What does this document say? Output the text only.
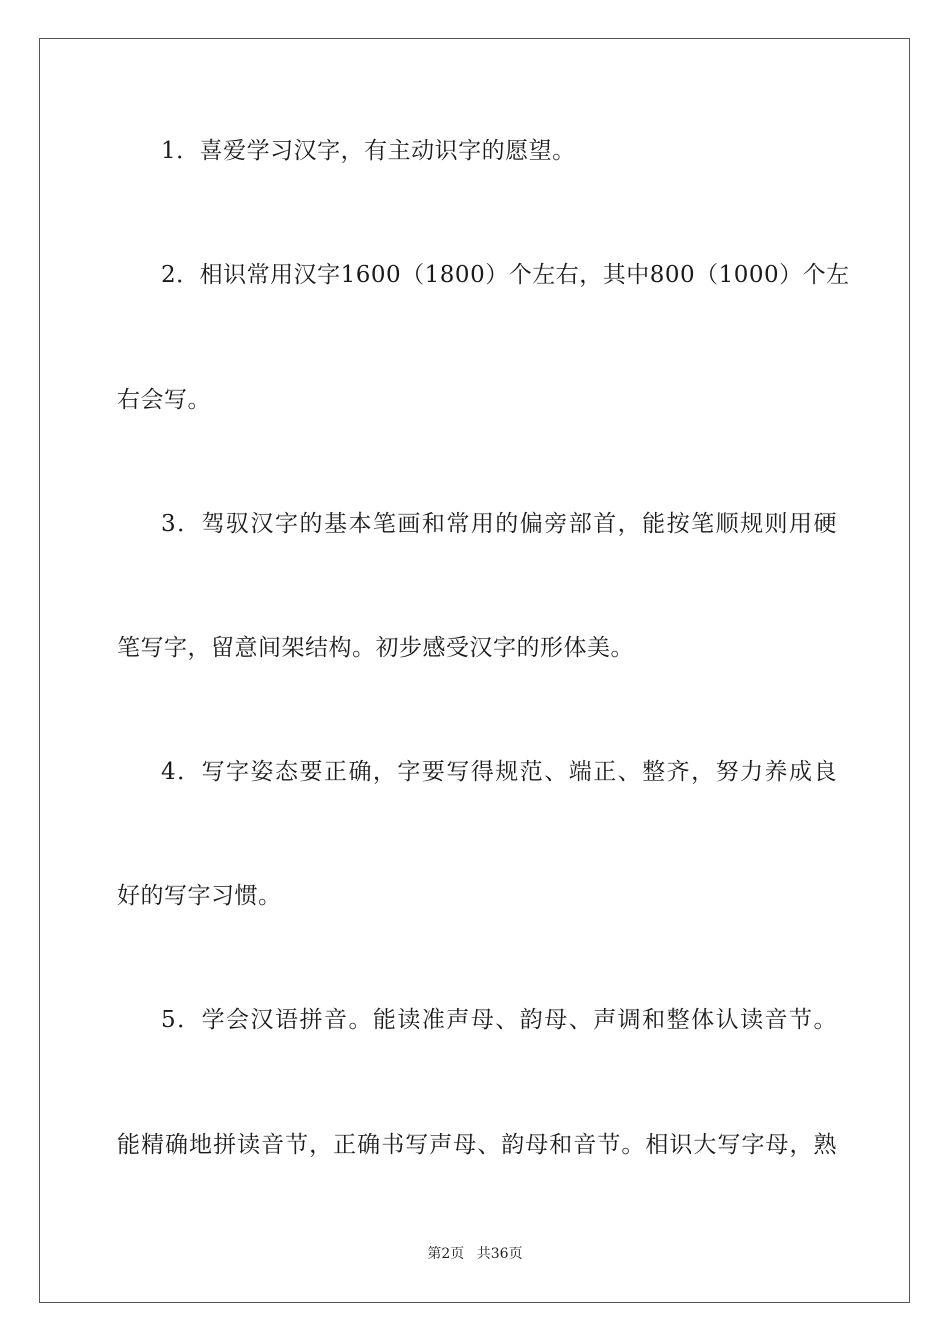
1．喜爱学习汉字，有主动识字的愿望。
2．相识常用汉字1600（1800）个左右，其中800（1000）个左
右会写。
3．驾驭汉字的基本笔画和常用的偏旁部首，能按笔顺规则用硬
笔写字，留意间架结构。初步感受汉字的形体美。
4．写字姿态要正确，字要写得规范、端正、整齐，努力养成良
好的写字习惯。
5．学会汉语拼音。能读准声母、韵母、声调和整体认读音节。
能精确地拼读音节，正确书写声母、韵母和音节。相识大写字母，熟
第2页 共36页
